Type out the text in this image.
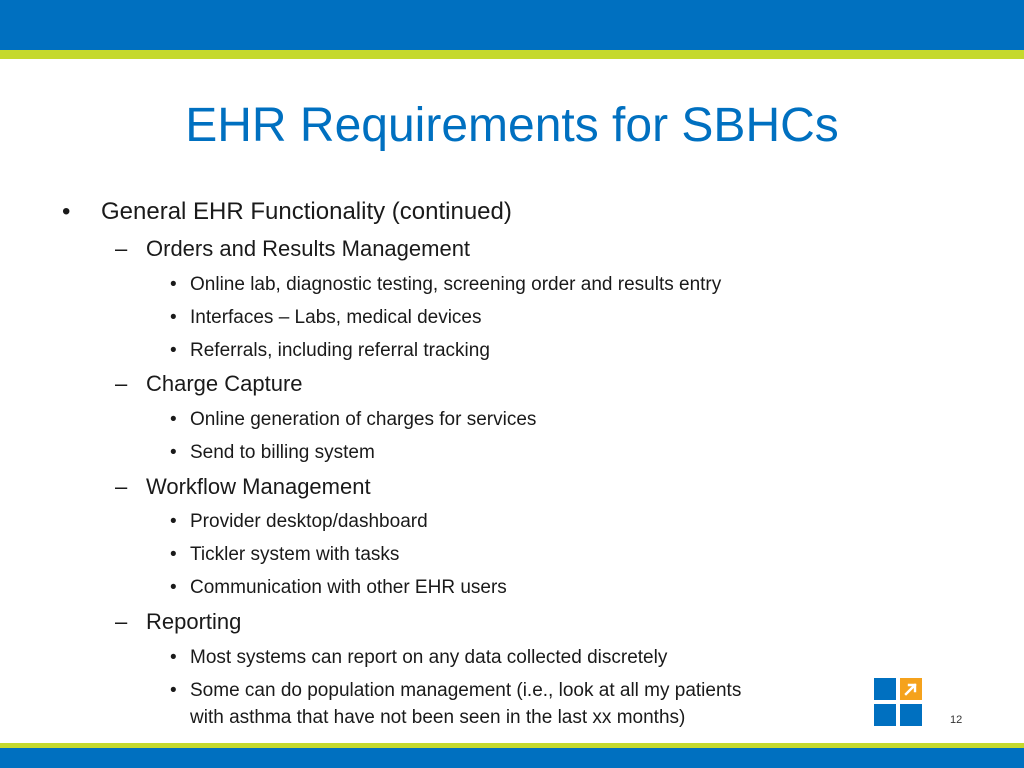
EHR Requirements for SBHCs
• General EHR Functionality (continued)
– Orders and Results Management
• Online lab, diagnostic testing, screening order and results entry
• Interfaces – Labs, medical devices
• Referrals, including referral tracking
– Charge Capture
• Online generation of charges for services
• Send to billing system
– Workflow Management
• Provider desktop/dashboard
• Tickler system with tasks
• Communication with other EHR users
– Reporting
• Most systems can report on any data collected discretely
• Some can do population management (i.e., look at all my patients
with asthma that have not been seen in the last xx months)	12
